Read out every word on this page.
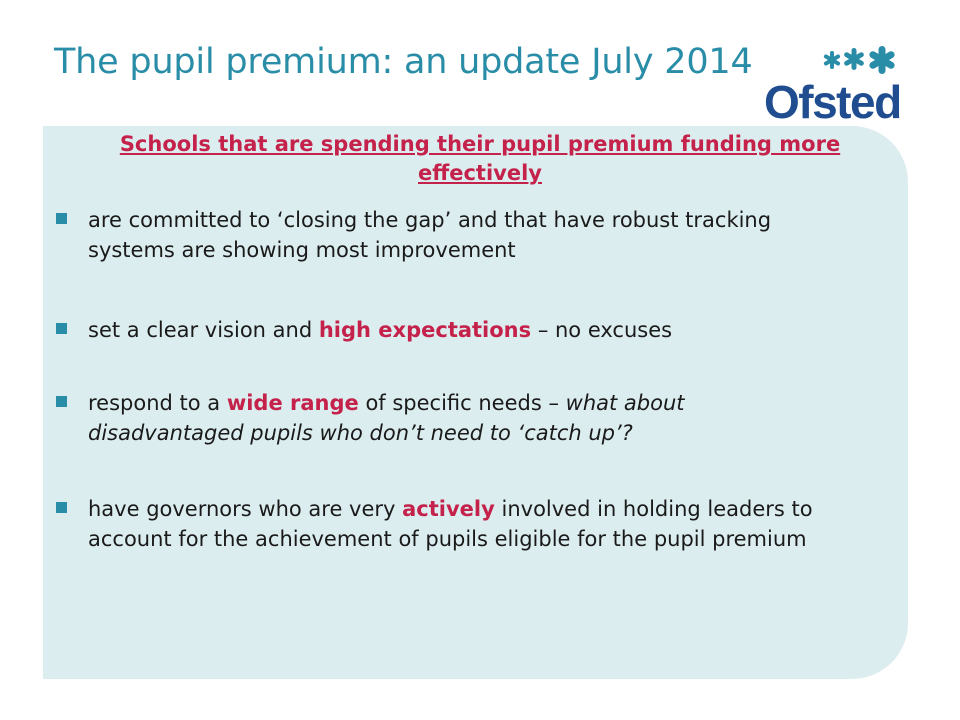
The pupil premium: an update July 2014
Ofsted
Schools that are spending their pupil premium funding more effectively
are committed to ‘closing the gap’ and that have robust tracking systems are showing most improvement
set a clear vision and high expectations – no excuses
respond to a wide range of specific needs – what about disadvantaged pupils who don’t need to ‘catch up’?
have governors who are very actively involved in holding leaders to account for the achievement of pupils eligible for the pupil premium
